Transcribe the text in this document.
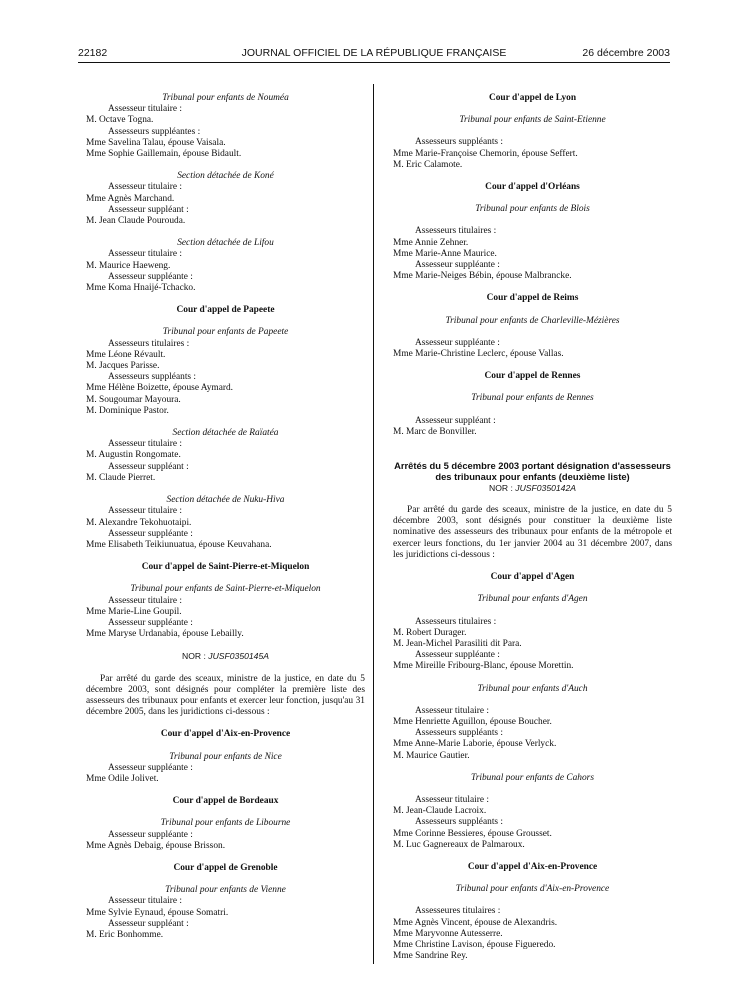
22182	JOURNAL OFFICIEL DE LA RÉPUBLIQUE FRANÇAISE	26 décembre 2003
Tribunal pour enfants de Nouméa
Assesseur titulaire :
M. Octave Togna.
Assesseurs suppléantes :
Mme Savelina Talau, épouse Vaisala.
Mme Sophie Gaillemain, épouse Bidault.
Section détachée de Koné
Assesseur titulaire :
Mme Agnès Marchand.
Assesseur suppléant :
M. Jean Claude Pourouda.
Section détachée de Lifou
Assesseur titulaire :
M. Maurice Haeweng.
Assesseur suppléante :
Mme Koma Hnaijé-Tchacko.
Cour d'appel de Papeete
Tribunal pour enfants de Papeete
Assesseurs titulaires :
Mme Léone Révault.
M. Jacques Parisse.
Assesseurs suppléants :
Mme Hélène Boizette, épouse Aymard.
M. Sougoumar Mayoura.
M. Dominique Pastor.
Section détachée de Raïatéa
Assesseur titulaire :
M. Augustin Rongomate.
Assesseur suppléant :
M. Claude Pierret.
Section détachée de Nuku-Hiva
Assesseur titulaire :
M. Alexandre Tekohuotaipi.
Assesseur suppléante :
Mme Elisabeth Teikiunuatua, épouse Keuvahana.
Cour d'appel de Saint-Pierre-et-Miquelon
Tribunal pour enfants de Saint-Pierre-et-Miquelon
Assesseur titulaire :
Mme Marie-Line Goupil.
Assesseur suppléante :
Mme Maryse Urdanabia, épouse Lebailly.
NOR : JUSF0350145A
Par arrêté du garde des sceaux, ministre de la justice, en date du 5 décembre 2003, sont désignés pour compléter la première liste des assesseurs des tribunaux pour enfants et exercer leur fonction, jusqu'au 31 décembre 2005, dans les juridictions ci-dessous :
Cour d'appel d'Aix-en-Provence
Tribunal pour enfants de Nice
Assesseur suppléante :
Mme Odile Jolivet.
Cour d'appel de Bordeaux
Tribunal pour enfants de Libourne
Assesseur suppléante :
Mme Agnès Debaig, épouse Brisson.
Cour d'appel de Grenoble
Tribunal pour enfants de Vienne
Assesseur titulaire :
Mme Sylvie Eynaud, épouse Somatri.
Assesseur suppléant :
M. Eric Bonhomme.
Cour d'appel de Lyon
Tribunal pour enfants de Saint-Etienne
Assesseurs suppléants :
Mme Marie-Françoise Chemorin, épouse Seffert.
M. Eric Calamote.
Cour d'appel d'Orléans
Tribunal pour enfants de Blois
Assesseurs titulaires :
Mme Annie Zehner.
Mme Marie-Anne Maurice.
Assesseur suppléante :
Mme Marie-Neiges Bébin, épouse Malbrancke.
Cour d'appel de Reims
Tribunal pour enfants de Charleville-Mézières
Assesseur suppléante :
Mme Marie-Christine Leclerc, épouse Vallas.
Cour d'appel de Rennes
Tribunal pour enfants de Rennes
Assesseur suppléant :
M. Marc de Bonviller.
Arrêtés du 5 décembre 2003 portant désignation d'assesseurs des tribunaux pour enfants (deuxième liste)
NOR : JUSF0350142A
Par arrêté du garde des sceaux, ministre de la justice, en date du 5 décembre 2003, sont désignés pour constituer la deuxième liste nominative des assesseurs des tribunaux pour enfants de la métropole et exercer leurs fonctions, du 1er janvier 2004 au 31 décembre 2007, dans les juridictions ci-dessous :
Cour d'appel d'Agen
Tribunal pour enfants d'Agen
Assesseurs titulaires :
M. Robert Durager.
M. Jean-Michel Parasiliti dit Para.
Assesseur suppléante :
Mme Mireille Fribourg-Blanc, épouse Morettin.
Tribunal pour enfants d'Auch
Assesseur titulaire :
Mme Henriette Aguillon, épouse Boucher.
Assesseurs suppléants :
Mme Anne-Marie Laborie, épouse Verlyck.
M. Maurice Gautier.
Tribunal pour enfants de Cahors
Assesseur titulaire :
M. Jean-Claude Lacroix.
Assesseurs suppléants :
Mme Corinne Bessieres, épouse Grousset.
M. Luc Gagnereaux de Palmaroux.
Cour d'appel d'Aix-en-Provence
Tribunal pour enfants d'Aix-en-Provence
Assesseures titulaires :
Mme Agnès Vincent, épouse de Alexandris.
Mme Maryvonne Autesserre.
Mme Christine Lavison, épouse Figueredo.
Mme Sandrine Rey.
